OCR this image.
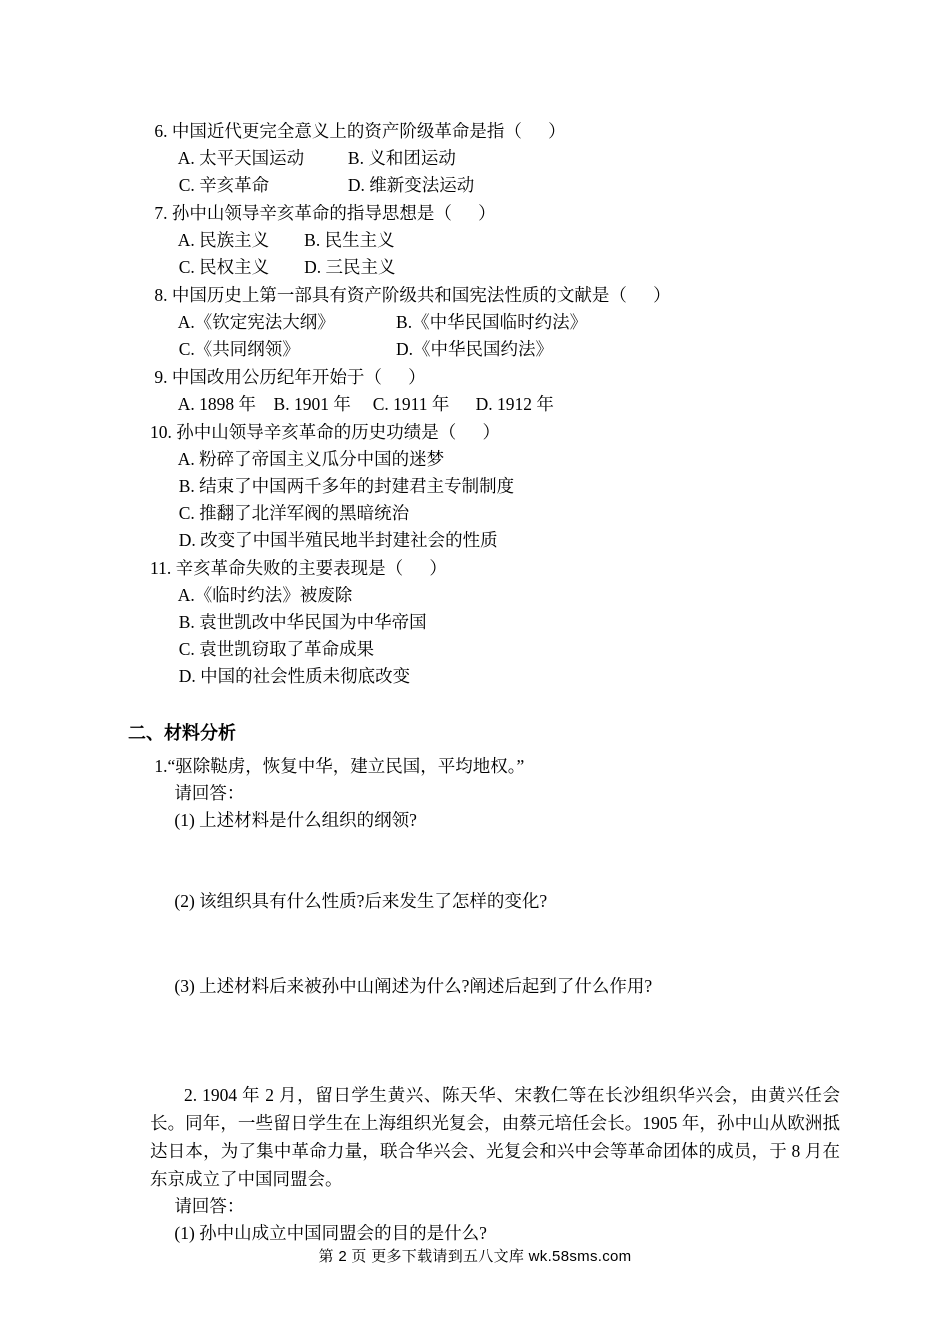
6. 中国近代更完全意义上的资产阶级革命是指（      ）
A. 太平天国运动          B. 义和团运动
C. 辛亥革命                  D. 维新变法运动
7. 孙中山领导辛亥革命的指导思想是（      ）
A. 民族主义        B. 民生主义
C. 民权主义        D. 三民主义
8. 中国历史上第一部具有资产阶级共和国宪法性质的文献是（      ）
A.《钦定宪法大纲》              B.《中华民国临时约法》
C.《共同纲领》                      D.《中华民国约法》
9. 中国改用公历纪年开始于（      ）
A. 1898 年    B. 1901 年     C. 1911 年      D. 1912 年
10. 孙中山领导辛亥革命的历史功绩是（      ）
A. 粉碎了帝国主义瓜分中国的迷梦
B. 结束了中国两千多年的封建君主专制制度
C. 推翻了北洋军阀的黑暗统治
D. 改变了中国半殖民地半封建社会的性质
11. 辛亥革命失败的主要表现是（      ）
A.《临时约法》被废除
B. 袁世凯改中华民国为中华帝国
C. 袁世凯窃取了革命成果
D. 中国的社会性质未彻底改变
二、材料分析
1.“驱除鞑虏，恢复中华，建立民国，平均地权。”
请回答：
(1) 上述材料是什么组织的纲领?
(2) 该组织具有什么性质?后来发生了怎样的变化?
(3) 上述材料后来被孙中山阐述为什么?阐述后起到了什么作用?

2. 1904 年 2 月，留日学生黄兴、陈天华、宋教仁等在长沙组织华兴会，由黄兴任会长。同年，一些留日学生在上海组织光复会，由蔡元培任会长。1905 年，孙中山从欧洲抵达日本，为了集中革命力量，联合华兴会、光复会和兴中会等革命团体的成员，于 8 月在东京成立了中国同盟会。

请回答：
(1) 孙中山成立中国同盟会的目的是什么?
第 2 页 更多下载请到五八文库 wk.58sms.com
